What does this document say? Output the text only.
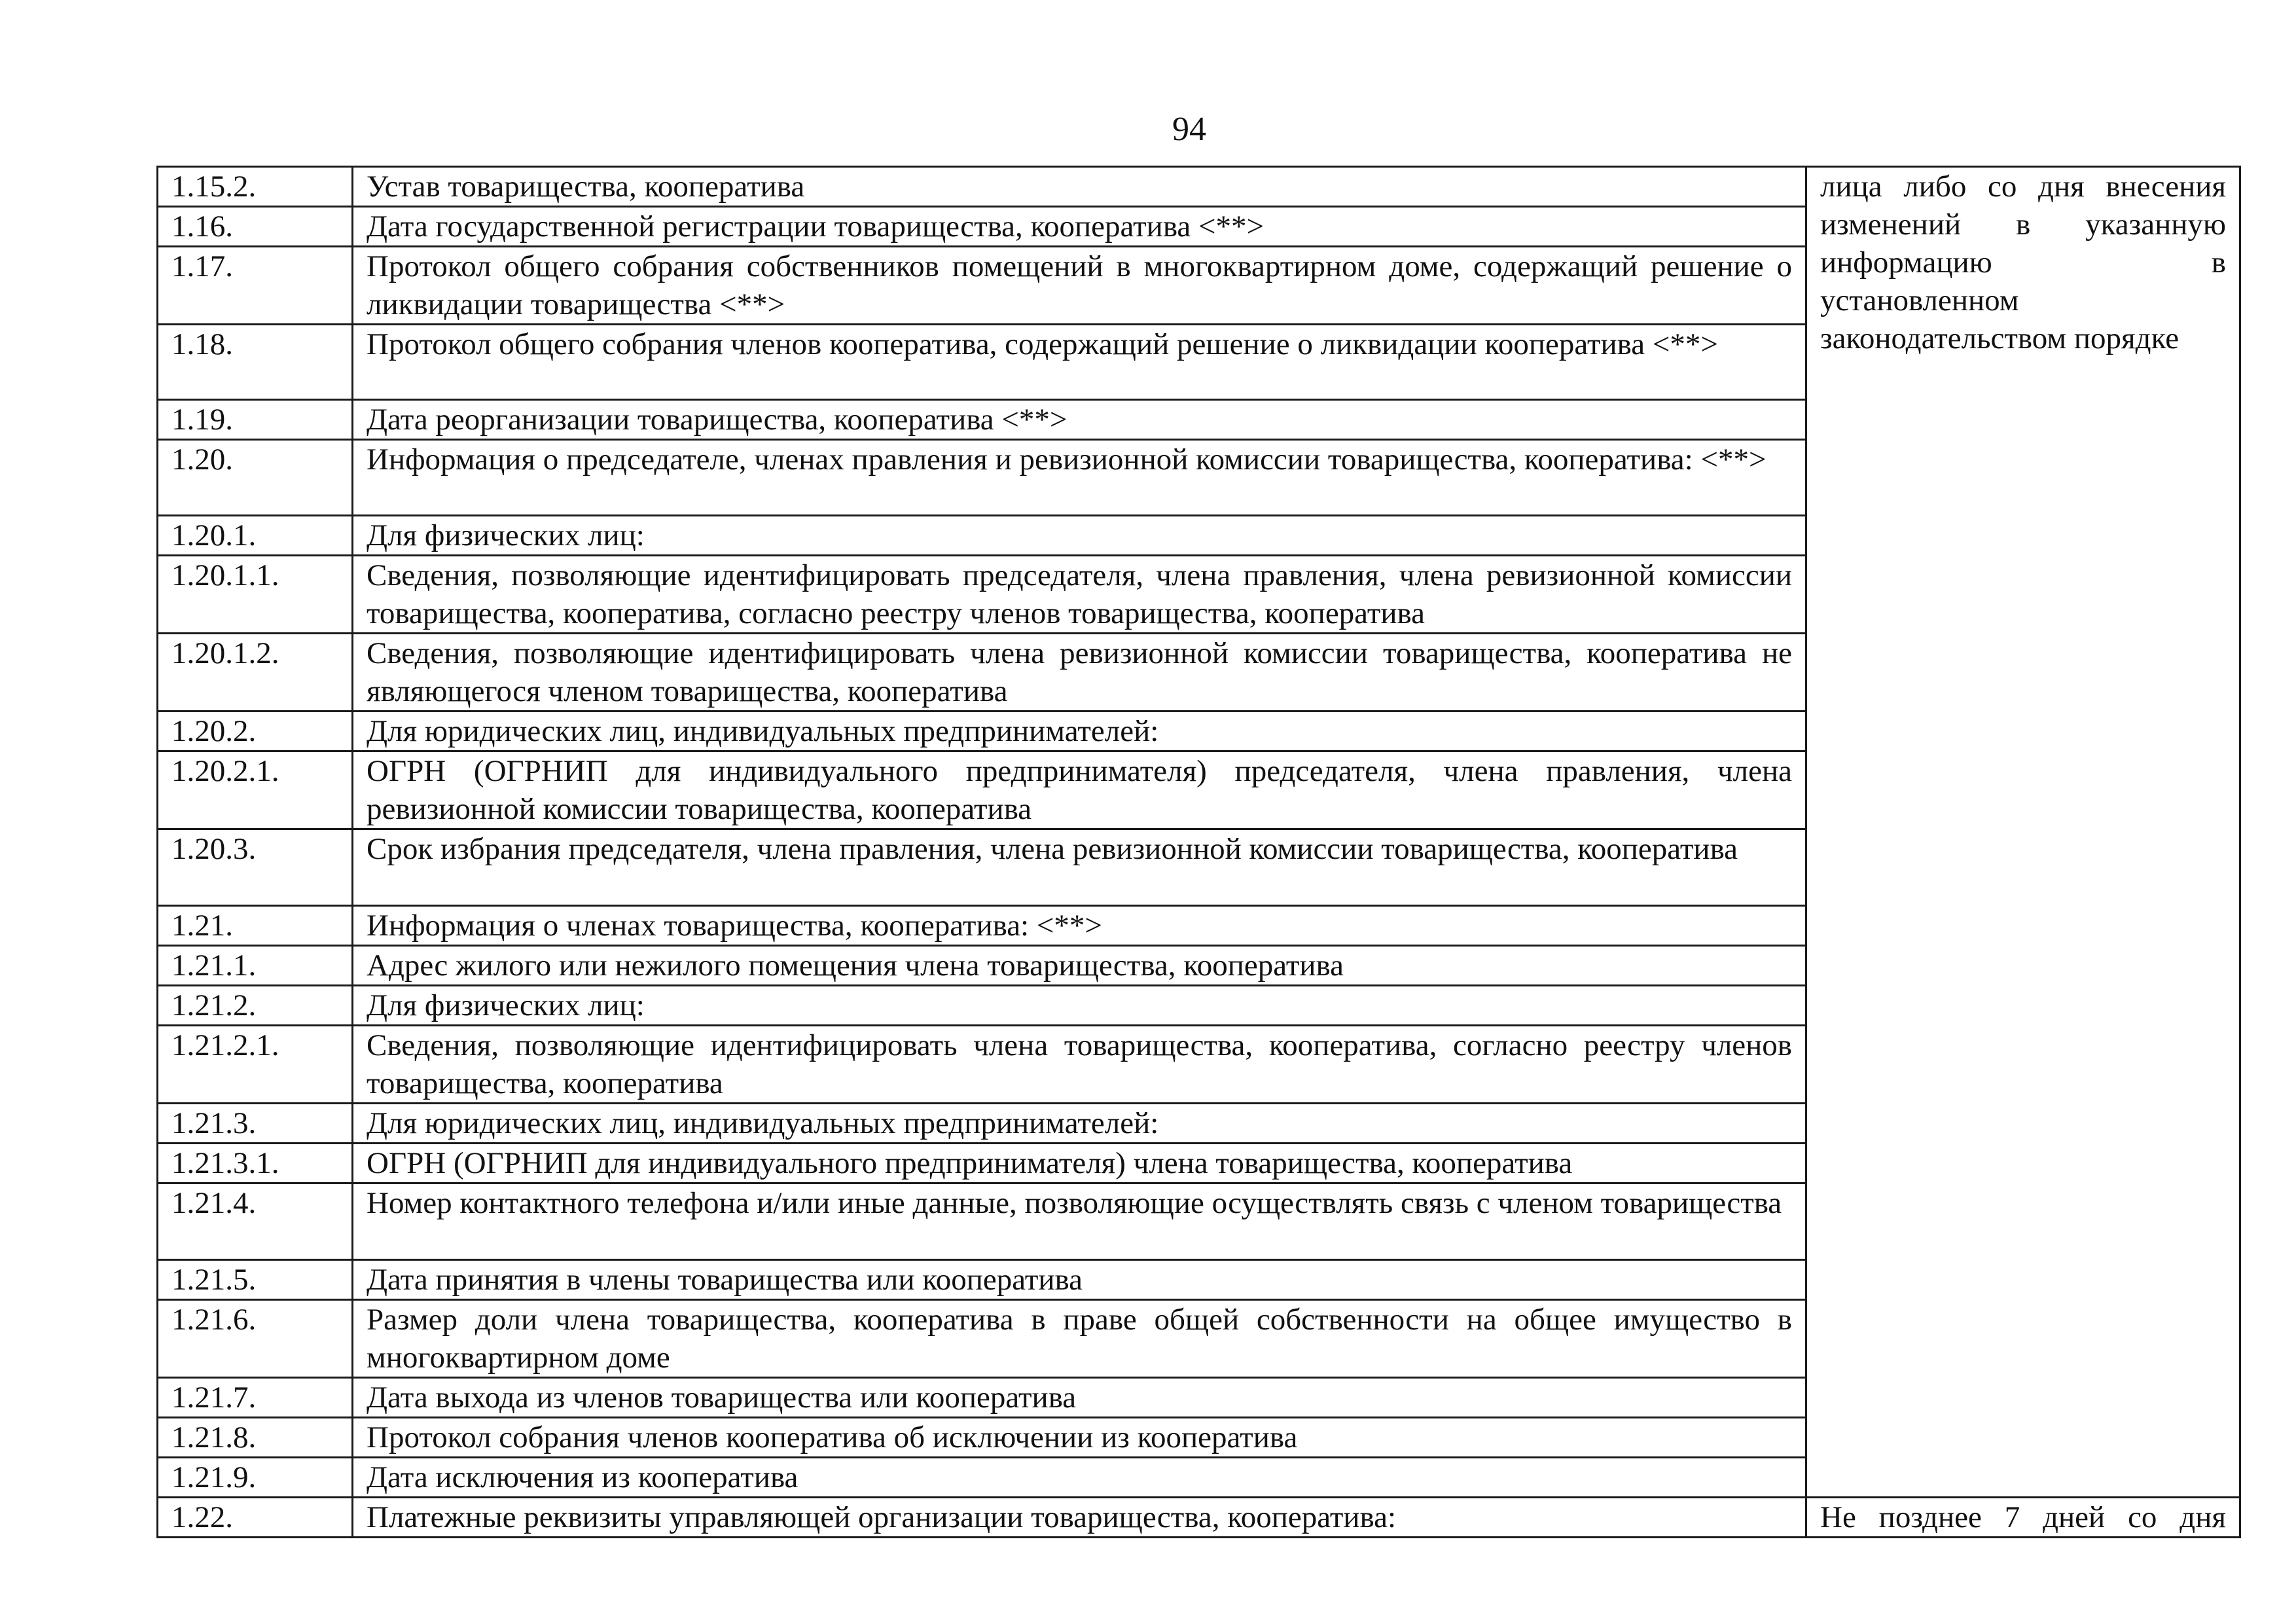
94
1.15.2.	Устав товарищества, кооператива	лица либо со дня внесения
изменений в указанную
информацию в
установленном
законодательством порядке

1.16.	Дата государственной регистрации товарищества, кооператива <**>	
1.17.	Протокол общего собрания собственников помещений в многоквартирном доме, содержащий решение о ликвидации товарищества <**>	
1.18.	Протокол общего собрания членов кооператива, содержащий решение о ликвидации кооператива <**>	
1.19.	Дата реорганизации товарищества, кооператива <**>	
1.20.	Информация о председателе, членах правления и ревизионной комиссии товарищества, кооператива: <**>	
1.20.1.	Для физических лиц:	
1.20.1.1.	Сведения, позволяющие идентифицировать председателя, члена правления, члена ревизионной комиссии товарищества, кооператива, согласно реестру членов товарищества, кооператива	
1.20.1.2.	Сведения, позволяющие идентифицировать члена ревизионной комиссии товарищества, кооператива не являющегося членом товарищества, кооператива	
1.20.2.	Для юридических лиц, индивидуальных предпринимателей:	
1.20.2.1.	ОГРН (ОГРНИП для индивидуального предпринимателя) председателя, члена правления, члена ревизионной комиссии товарищества, кооператива	
1.20.3.	Срок избрания председателя, члена правления, члена ревизионной комиссии товарищества, кооператива	
1.21.	Информация о членах товарищества, кооператива: <**>	
1.21.1.	Адрес жилого или нежилого помещения члена товарищества, кооператива	
1.21.2.	Для физических лиц:	
1.21.2.1.	Сведения, позволяющие идентифицировать члена товарищества, кооператива, согласно реестру членов товарищества, кооператива	
1.21.3.	Для юридических лиц, индивидуальных предпринимателей:	
1.21.3.1.	ОГРН (ОГРНИП для индивидуального предпринимателя) члена товарищества, кооператива	
1.21.4.	Номер контактного телефона и/или иные данные, позволяющие осуществлять связь с членом товарищества	
1.21.5.	Дата принятия в члены товарищества или кооператива	
1.21.6.	Размер доли члена товарищества, кооператива в праве общей собственности на общее имущество в многоквартирном доме	
1.21.7.	Дата выхода из членов товарищества или кооператива	
1.21.8.	Протокол собрания членов кооператива об исключении из кооператива	
1.21.9.	Дата исключения из кооператива	
1.22.	Платежные реквизиты управляющей организации товарищества, кооператива:	Не позднее 7 дней со дня
